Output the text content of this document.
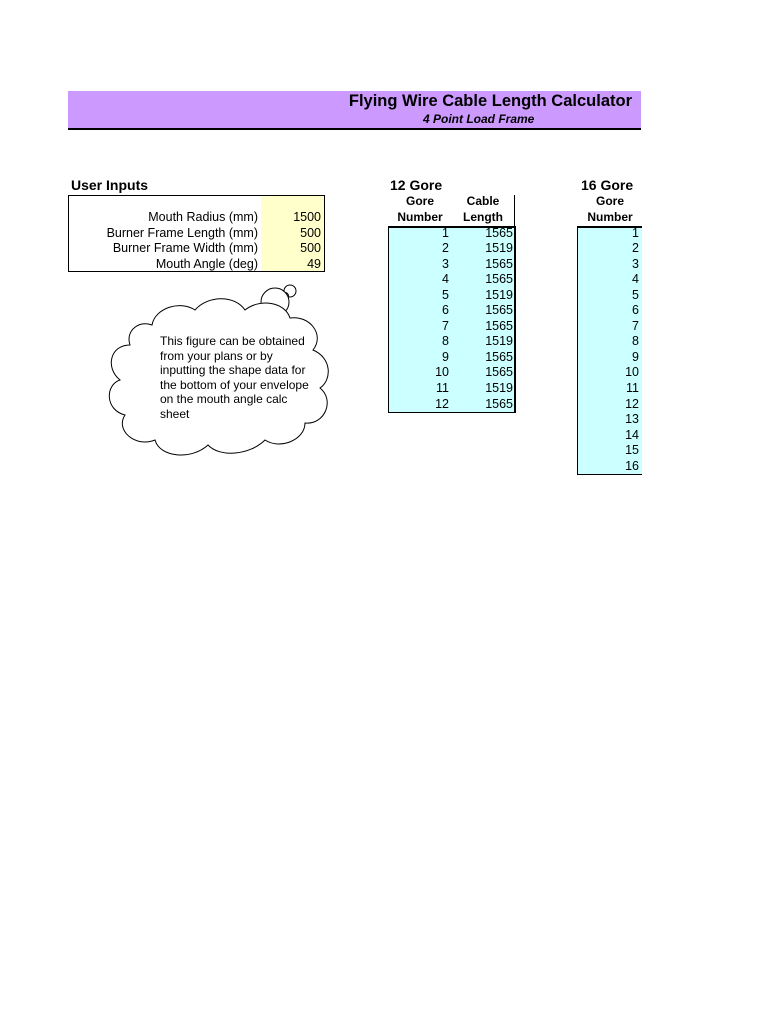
Flying Wire Cable Length Calculator
4 Point Load Frame
User Inputs
Mouth Radius (mm)	1500
Burner Frame Length (mm)	500
Burner Frame Width (mm)	500
Mouth Angle (deg)	49
This figure can be obtained from your plans or by inputting the shape data for the bottom of your envelope on the mouth angle calc sheet
12 Gore
Gore
Number
Cable
Length
1	1565
2	1519
3	1565
4	1565
5	1519
6	1565
7	1565
8	1519
9	1565
10	1565
11	1519
12	1565
16 Gore
Gore
Number
1
2
3
4
5
6
7
8
9
10
11
12
13
14
15
16
